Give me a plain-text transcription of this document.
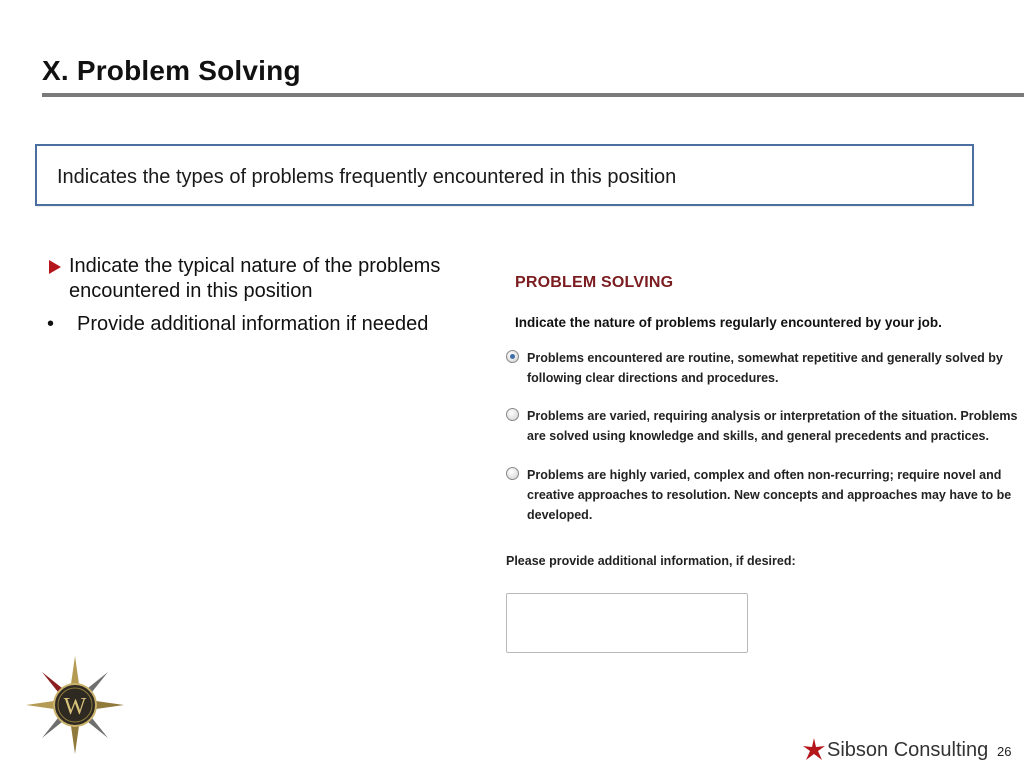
X. Problem Solving
Indicates the types of problems frequently encountered in this position
Indicate the typical nature of the problems encountered in this position
• Provide additional information if needed
PROBLEM SOLVING
Indicate the nature of problems regularly encountered by your job.
Problems encountered are routine, somewhat repetitive and generally solved by following clear directions and procedures.
Problems are varied, requiring analysis or interpretation of the situation. Problems are solved using knowledge and skills, and general precedents and practices.
Problems are highly varied, complex and often non-recurring; require novel and creative approaches to resolution. New concepts and approaches may have to be developed.
Please provide additional information, if desired:
W
Sibson Consulting 26
